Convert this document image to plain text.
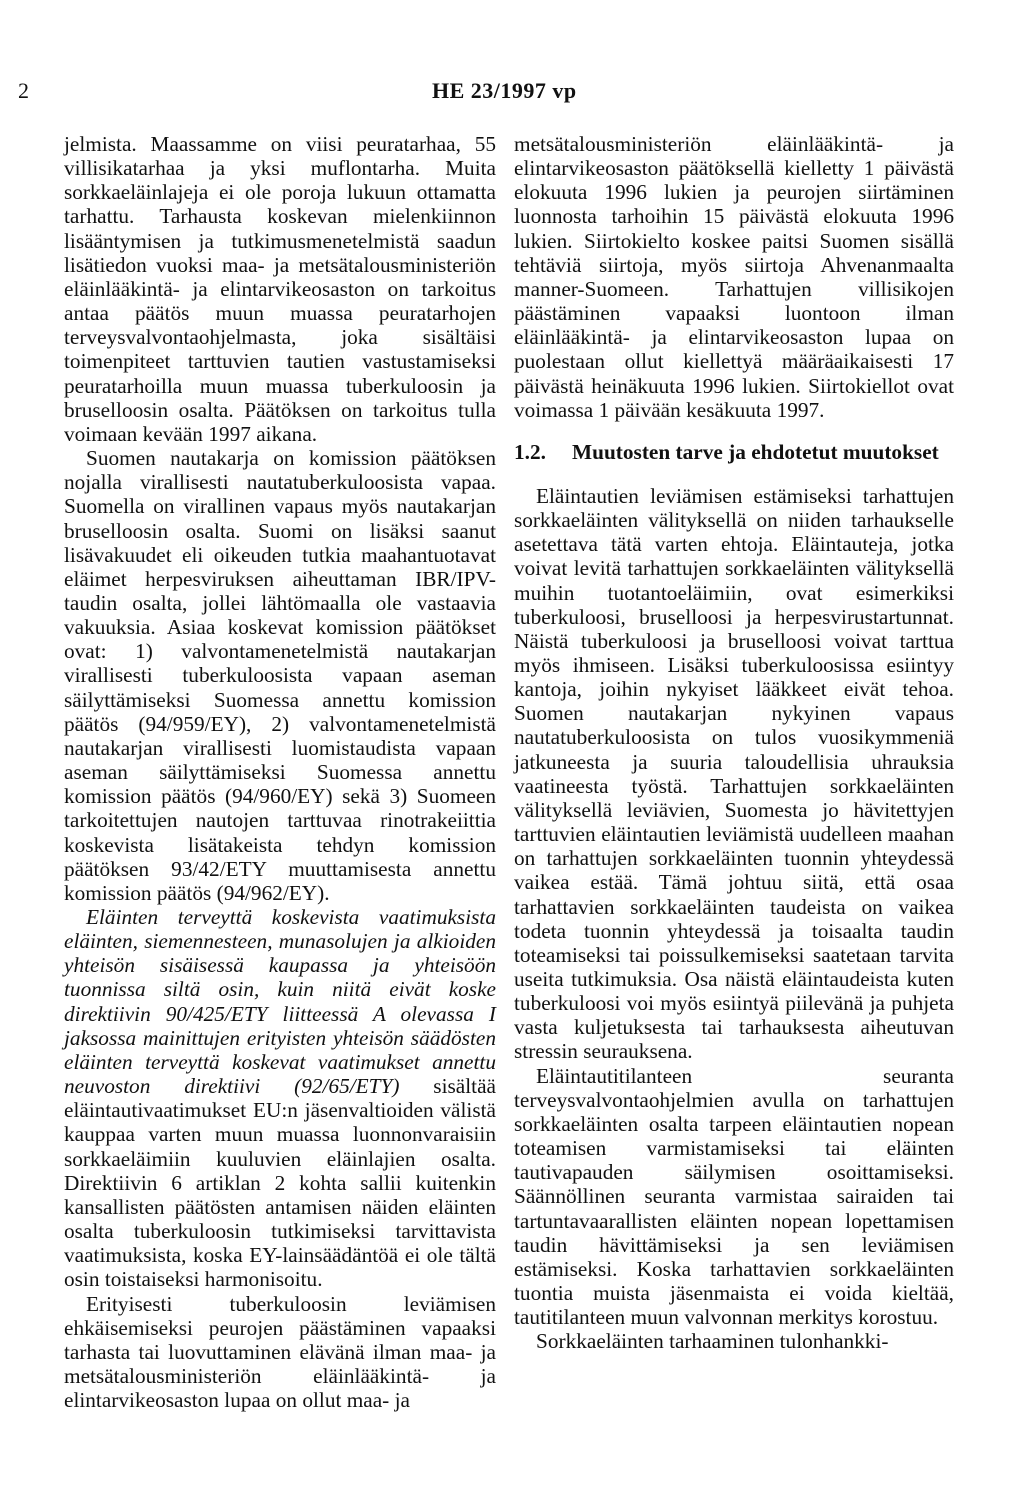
2	HE 23/1997 vp

jelmista. Maassamme on viisi peuratarhaa, 55 villisikatarhaa ja yksi muflontarha. Muita sorkkaeläinlajeja ei ole poroja lukuun ottamatta tarhattu. Tarhausta koskevan mielenkiinnon lisääntymisen ja tutkimusmenetelmistä saadun lisätiedon vuoksi maa- ja metsätalousministeriön eläinlääkintä- ja elintarvikeosaston on tarkoitus antaa päätös muun muassa peuratarhojen terveysvalvontaohjelmasta, joka sisältäisi toimenpiteet tarttuvien tautien vastustamiseksi peuratarhoilla muun muassa tuberkuloosin ja bruselloosin osalta. Päätöksen on tarkoitus tulla voimaan kevään 1997 aikana.

Suomen nautakarja on komission päätöksen nojalla virallisesti nautatuberkuloosista vapaa. Suomella on virallinen vapaus myös nautakarjan bruselloosin osalta. Suomi on lisäksi saanut lisävakuudet eli oikeuden tutkia maahantuotavat eläimet herpesviruksen aiheuttaman IBR/IPV-taudin osalta, jollei lähtömaalla ole vastaavia vakuuksia. Asiaa koskevat komission päätökset ovat: 1) valvontamenetelmistä nautakarjan virallisesti tuberkuloosista vapaan aseman säilyttämiseksi Suomessa annettu komission päätös (94/959/EY), 2) valvontamenetelmistä nautakarjan virallisesti luomistaudista vapaan aseman säilyttämiseksi Suomessa annettu komission päätös (94/960/EY) sekä 3) Suomeen tarkoitettujen nautojen tarttuvaa rinotrakeiittia koskevista lisätakeista tehdyn komission päätöksen 93/42/ETY muuttamisesta annettu komission päätös (94/962/EY).

Eläinten terveyttä koskevista vaatimuksista eläinten, siemennesteen, munasolujen ja alkioiden yhteisön sisäisessä kaupassa ja yhteisöön tuonnissa siltä osin, kuin niitä eivät koske direktiivin 90/425/ETY liitteessä A olevassa I jaksossa mainittujen erityisten yhteisön säädösten eläinten terveyttä koskevat vaatimukset annettu neuvoston direktiivi (92/65/ETY) sisältää eläintautivaatimukset EU:n jäsenvaltioiden välistä kauppaa varten muun muassa luonnonvaraisiin sorkkaeläimiin kuuluvien eläinlajien osalta. Direktiivin 6 artiklan 2 kohta sallii kuitenkin kansallisten päätösten antamisen näiden eläinten osalta tuberkuloosin tutkimiseksi tarvittavista vaatimuksista, koska EY-lainsäädäntöä ei ole tältä osin toistaiseksi harmonisoitu.

Erityisesti tuberkuloosin leviämisen ehkäisemiseksi peurojen päästäminen vapaaksi tarhasta tai luovuttaminen elävänä ilman maa- ja metsätalousministeriön eläinlääkintä- ja elintarvikeosaston lupaa on ollut maa- ja

metsätalousministeriön eläinlääkintä- ja elintarvikeosaston päätöksellä kielletty 1 päivästä elokuuta 1996 lukien ja peurojen siirtäminen luonnosta tarhoihin 15 päivästä elokuuta 1996 lukien. Siirtokielto koskee paitsi Suomen sisällä tehtäviä siirtoja, myös siirtoja Ahvenanmaalta manner-Suomeen. Tarhattujen villisikojen päästäminen vapaaksi luontoon ilman eläinlääkintä- ja elintarvikeosaston lupaa on puolestaan ollut kiellettyä määräaikaisesti 17 päivästä heinäkuuta 1996 lukien. Siirtokiellot ovat voimassa 1 päivään kesäkuuta 1997.

1.2.	Muutosten tarve ja ehdotetut muutokset

Eläintautien leviämisen estämiseksi tarhattujen sorkkaeläinten välityksellä on niiden tarhaukselle asetettava tätä varten ehtoja. Eläintauteja, jotka voivat levitä tarhattujen sorkkaeläinten välityksellä muihin tuotantoeläimiin, ovat esimerkiksi tuberkuloosi, bruselloosi ja herpesvirustartunnat. Näistä tuberkuloosi ja bruselloosi voivat tarttua myös ihmiseen. Lisäksi tuberkuloosissa esiintyy kantoja, joihin nykyiset lääkkeet eivät tehoa. Suomen nautakarjan nykyinen vapaus nautatuberkuloosista on tulos vuosikymmeniä jatkuneesta ja suuria taloudellisia uhrauksia vaatineesta työstä. Tarhattujen sorkkaeläinten välityksellä leviävien, Suomesta jo hävitettyjen tarttuvien eläintautien leviämistä uudelleen maahan on tarhattujen sorkkaeläinten tuonnin yhteydessä vaikea estää. Tämä johtuu siitä, että osaa tarhattavien sorkkaeläinten taudeista on vaikea todeta tuonnin yhteydessä ja toisaalta taudin toteamiseksi tai poissulkemiseksi saatetaan tarvita useita tutkimuksia. Osa näistä eläintaudeista kuten tuberkuloosi voi myös esiintyä piilevänä ja puhjeta vasta kuljetuksesta tai tarhauksesta aiheutuvan stressin seurauksena.

Eläintautitilanteen seuranta terveysvalvontaohjelmien avulla on tarhattujen sorkkaeläinten osalta tarpeen eläintautien nopean toteamisen varmistamiseksi tai eläinten tautivapauden säilymisen osoittamiseksi. Säännöllinen seuranta varmistaa sairaiden tai tartuntavaarallisten eläinten nopean lopettamisen taudin hävittämiseksi ja sen leviämisen estämiseksi. Koska tarhattavien sorkkaeläinten tuontia muista jäsenmaista ei voida kieltää, tautitilanteen muun valvonnan merkitys korostuu.

Sorkkaeläinten tarhaaminen tulonhankki-
